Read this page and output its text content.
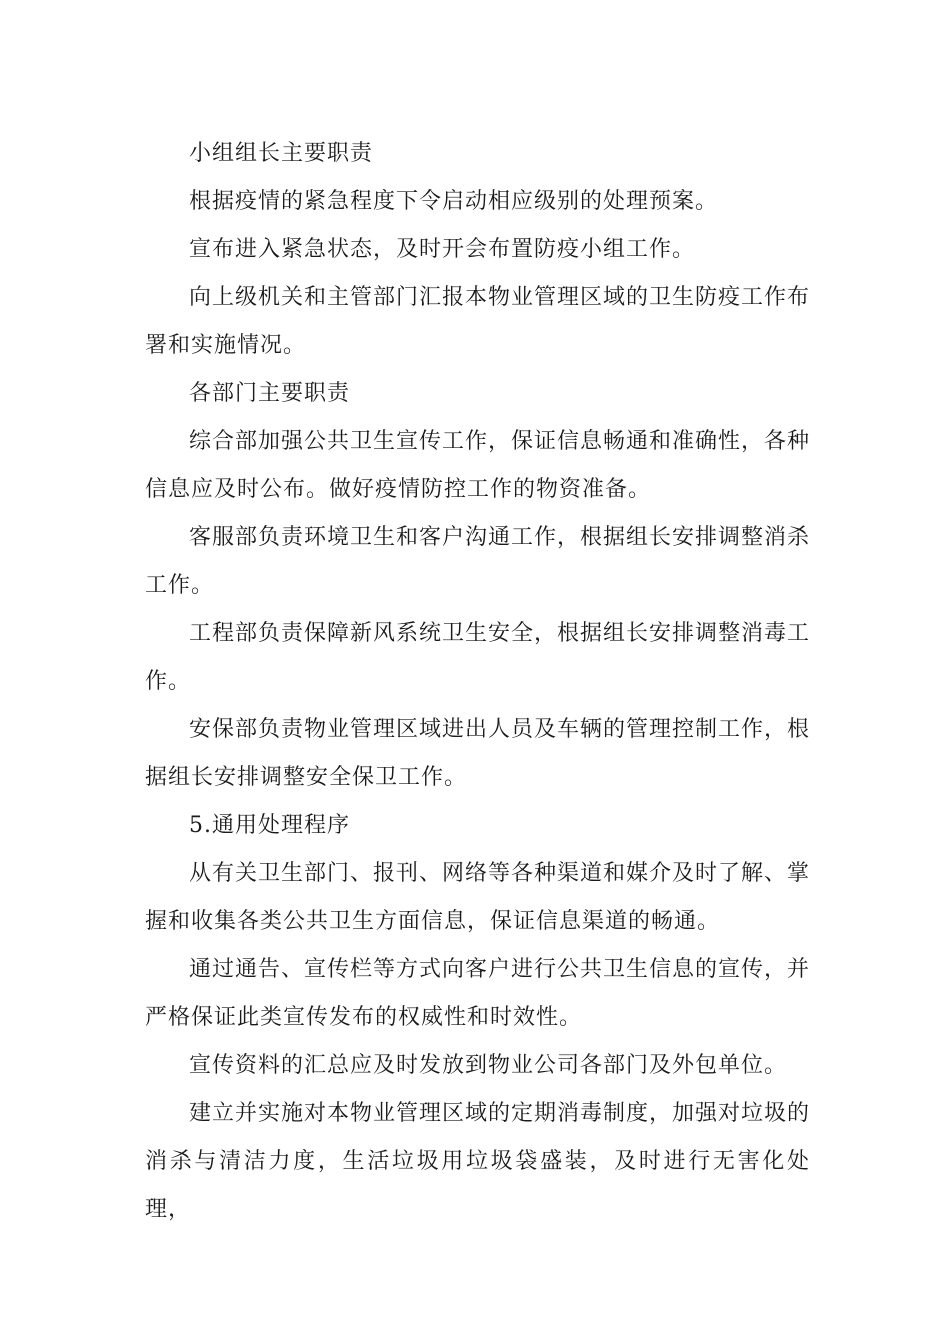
小组组长主要职责

根据疫情的紧急程度下令启动相应级别的处理预案。

宣布进入紧急状态，及时开会布置防疫小组工作。

向上级机关和主管部门汇报本物业管理区域的卫生防疫工作布署和实施情况。

各部门主要职责

综合部加强公共卫生宣传工作，保证信息畅通和准确性，各种信息应及时公布。做好疫情防控工作的物资准备。

客服部负责环境卫生和客户沟通工作，根据组长安排调整消杀工作。

工程部负责保障新风系统卫生安全，根据组长安排调整消毒工作。

安保部负责物业管理区域进出人员及车辆的管理控制工作，根据组长安排调整安全保卫工作。

5.通用处理程序

从有关卫生部门、报刊、网络等各种渠道和媒介及时了解、掌握和收集各类公共卫生方面信息，保证信息渠道的畅通。

通过通告、宣传栏等方式向客户进行公共卫生信息的宣传，并严格保证此类宣传发布的权威性和时效性。

宣传资料的汇总应及时发放到物业公司各部门及外包单位。

建立并实施对本物业管理区域的定期消毒制度，加强对垃圾的消杀与清洁力度，生活垃圾用垃圾袋盛装，及时进行无害化处理，
